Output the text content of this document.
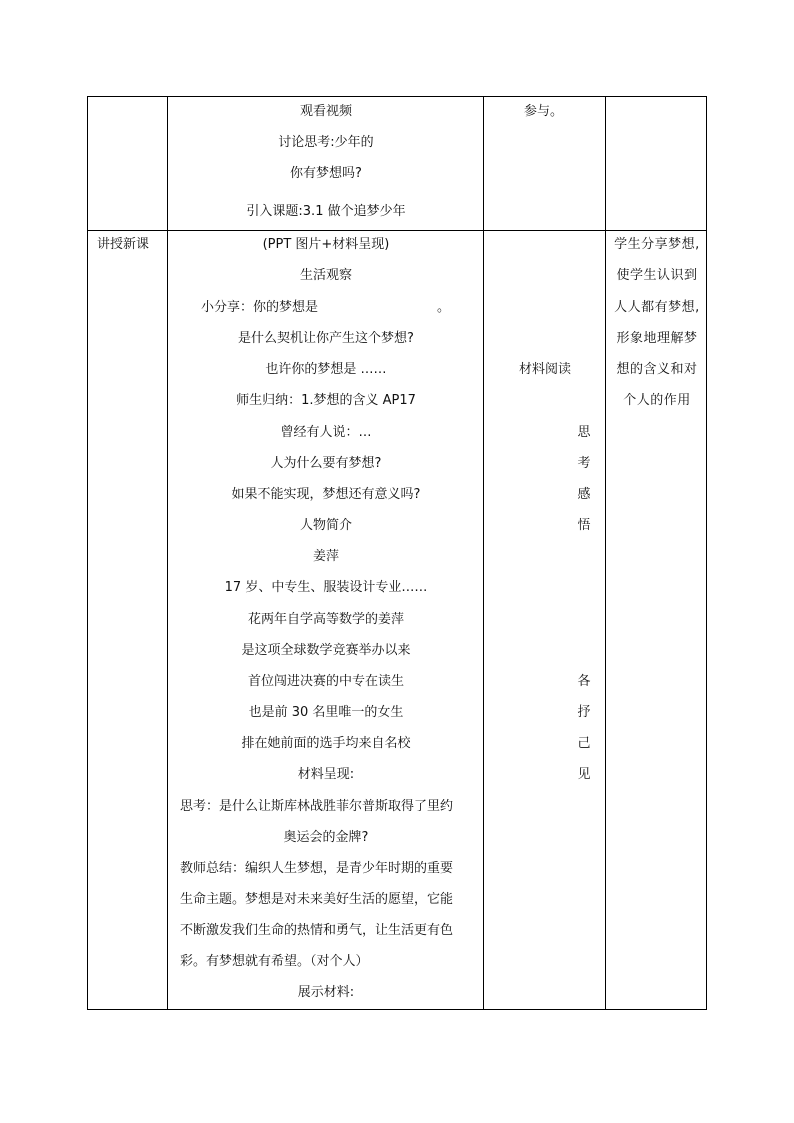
观看视频
讨论思考:少年的
你有梦想吗?
引入课题:3.1 做个追梦少年
参与。
讲授新课	(PPT 图片+材料呈现)
生活观察
小分享：你的梦想是	。
是什么契机让你产生这个梦想?
也许你的梦想是 ……
师生归纳：1.梦想的含义 AP17
曾经有人说：…
人为什么要有梦想?
如果不能实现，梦想还有意义吗?
人物简介
姜萍
17 岁、中专生、服装设计专业……
花两年自学高等数学的姜萍
是这项全球数学竞赛举办以来
首位闯进决赛的中专在读生
也是前 30 名里唯一的女生
排在她前面的选手均来自名校
材料呈现:
思考：是什么让斯库林战胜菲尔普斯取得了里约
奥运会的金牌?
教师总结：编织人生梦想，是青少年时期的重要
生命主题。梦想是对未来美好生活的愿望，它能
不断激发我们生命的热情和勇气，让生活更有色
彩。有梦想就有希望。（对个人）
展示材料:
材料阅读
思
考
感
悟
各
抒
己
见
学生分享梦想,
使学生认识到
人人都有梦想,
形象地理解梦
想的含义和对
个人的作用
